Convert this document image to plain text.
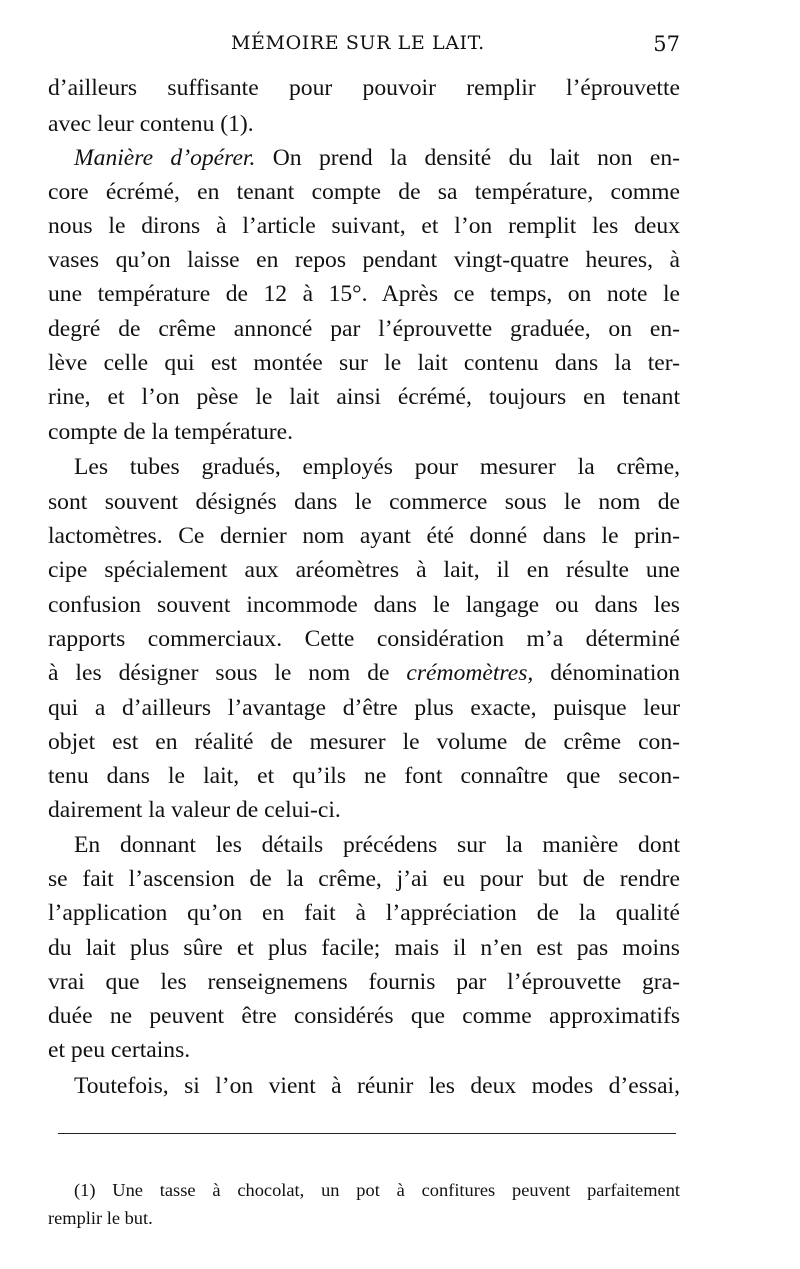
MÉMOIRE SUR LE LAIT.	57
d’ailleurs suffisante pour pouvoir remplir l’éprouvette
avec leur contenu (1).
Manière d’opérer. On prend la densité du lait non en-
core écrémé, en tenant compte de sa température, comme
nous le dirons à l’article suivant, et l’on remplit les deux
vases qu’on laisse en repos pendant vingt-quatre heures, à
une température de 12 à 15°. Après ce temps, on note le
degré de crême annoncé par l’éprouvette graduée, on en-
lève celle qui est montée sur le lait contenu dans la ter-
rine, et l’on pèse le lait ainsi écrémé, toujours en tenant
compte de la température.
Les tubes gradués, employés pour mesurer la crême,
sont souvent désignés dans le commerce sous le nom de
lactomètres. Ce dernier nom ayant été donné dans le prin-
cipe spécialement aux aréomètres à lait, il en résulte une
confusion souvent incommode dans le langage ou dans les
rapports commerciaux. Cette considération m’a déterminé
à les désigner sous le nom de crémomètres, dénomination
qui a d’ailleurs l’avantage d’être plus exacte, puisque leur
objet est en réalité de mesurer le volume de crême con-
tenu dans le lait, et qu’ils ne font connaître que secon-
dairement la valeur de celui-ci.
En donnant les détails précédens sur la manière dont
se fait l’ascension de la crême, j’ai eu pour but de rendre
l’application qu’on en fait à l’appréciation de la qualité
du lait plus sûre et plus facile; mais il n’en est pas moins
vrai que les renseignemens fournis par l’éprouvette gra-
duée ne peuvent être considérés que comme approximatifs
et peu certains.
Toutefois, si l’on vient à réunir les deux modes d’essai,
(1) Une tasse à chocolat, un pot à confitures peuvent parfaitement
remplir le but.
